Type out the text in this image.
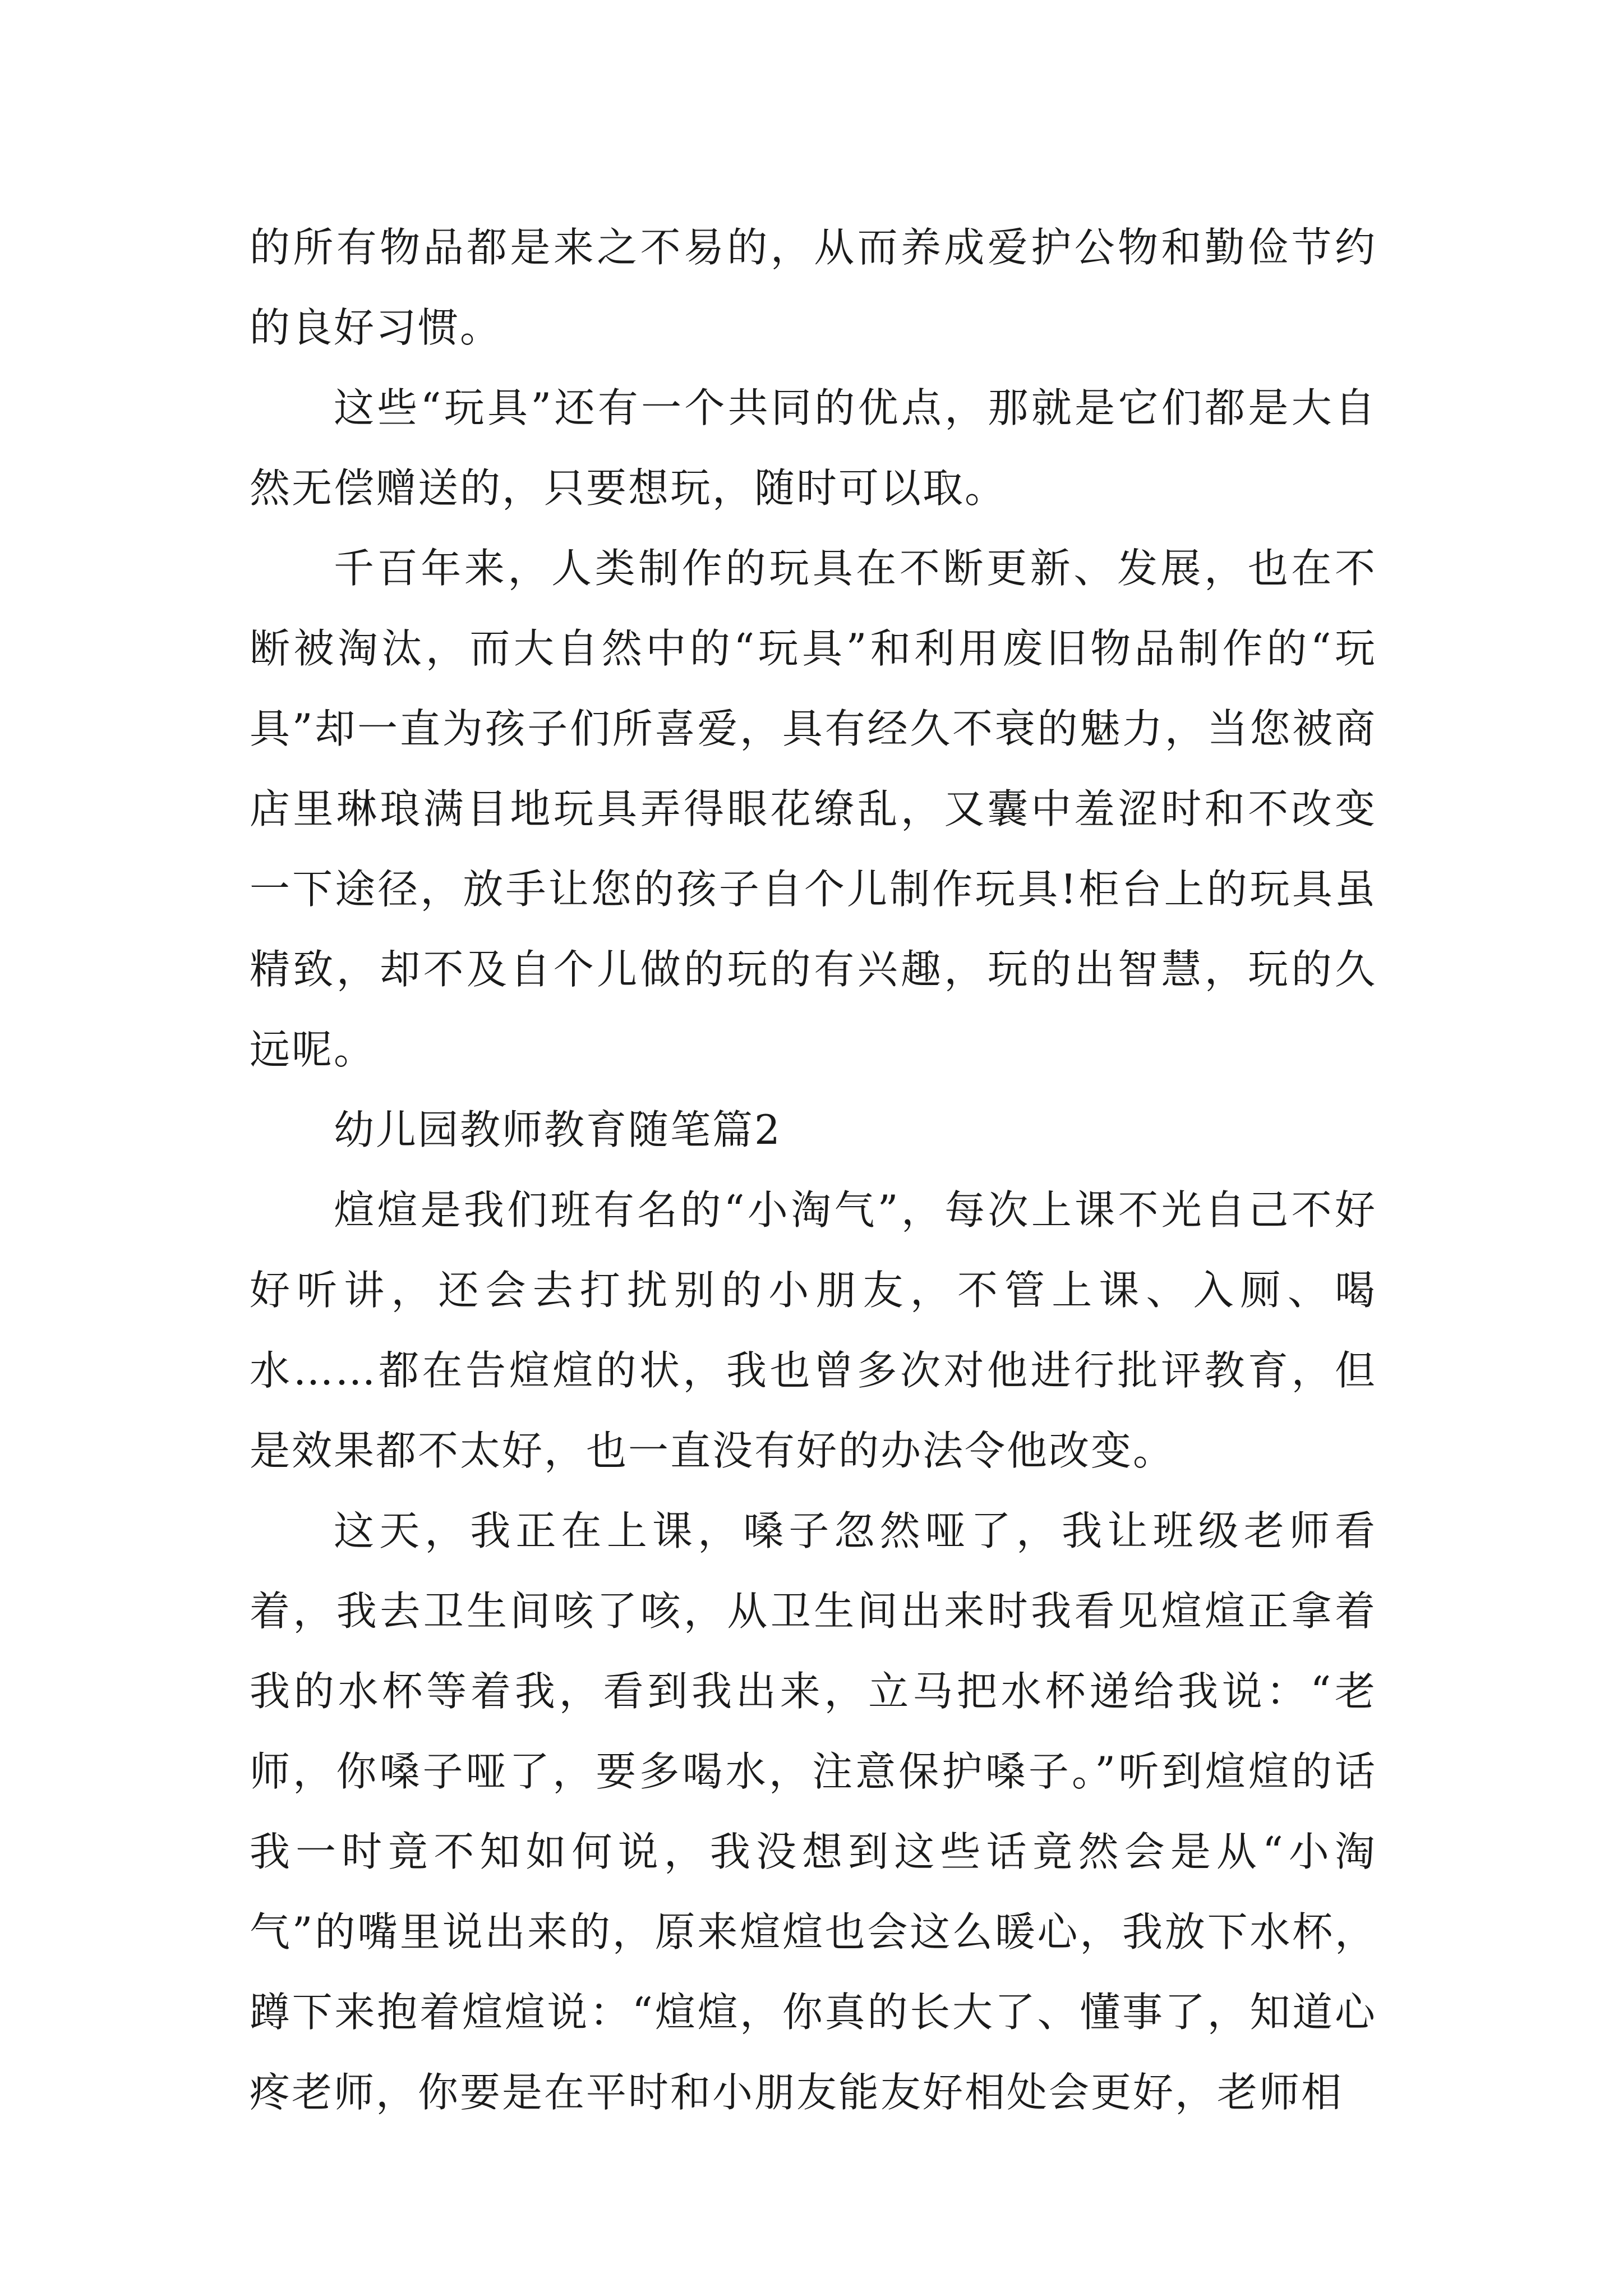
的所有物品都是来之不易的，从而养成爱护公物和勤俭节约的良好习惯。

这些“玩具”还有一个共同的优点，那就是它们都是大自然无偿赠送的，只要想玩，随时可以取。

千百年来，人类制作的玩具在不断更新、发展，也在不断被淘汰，而大自然中的“玩具”和利用废旧物品制作的“玩具”却一直为孩子们所喜爱，具有经久不衰的魅力，当您被商店里琳琅满目地玩具弄得眼花缭乱，又囊中羞涩时和不改变一下途径，放手让您的孩子自个儿制作玩具!柜台上的玩具虽精致，却不及自个儿做的玩的有兴趣，玩的出智慧，玩的久远呢。

幼儿园教师教育随笔篇2

煊煊是我们班有名的“小淘气”，每次上课不光自己不好好听讲，还会去打扰别的小朋友，不管上课、入厕、喝水……都在告煊煊的状，我也曾多次对他进行批评教育，但是效果都不太好，也一直没有好的办法令他改变。

这天，我正在上课，嗓子忽然哑了，我让班级老师看着，我去卫生间咳了咳，从卫生间出来时我看见煊煊正拿着我的水杯等着我，看到我出来，立马把水杯递给我说：“老师，你嗓子哑了，要多喝水，注意保护嗓子。”听到煊煊的话我一时竟不知如何说，我没想到这些话竟然会是从“小淘气”的嘴里说出来的，原来煊煊也会这么暖心，我放下水杯，蹲下来抱着煊煊说：“煊煊，你真的长大了、懂事了，知道心疼老师，你要是在平时和小朋友能友好相处会更好，老师相
